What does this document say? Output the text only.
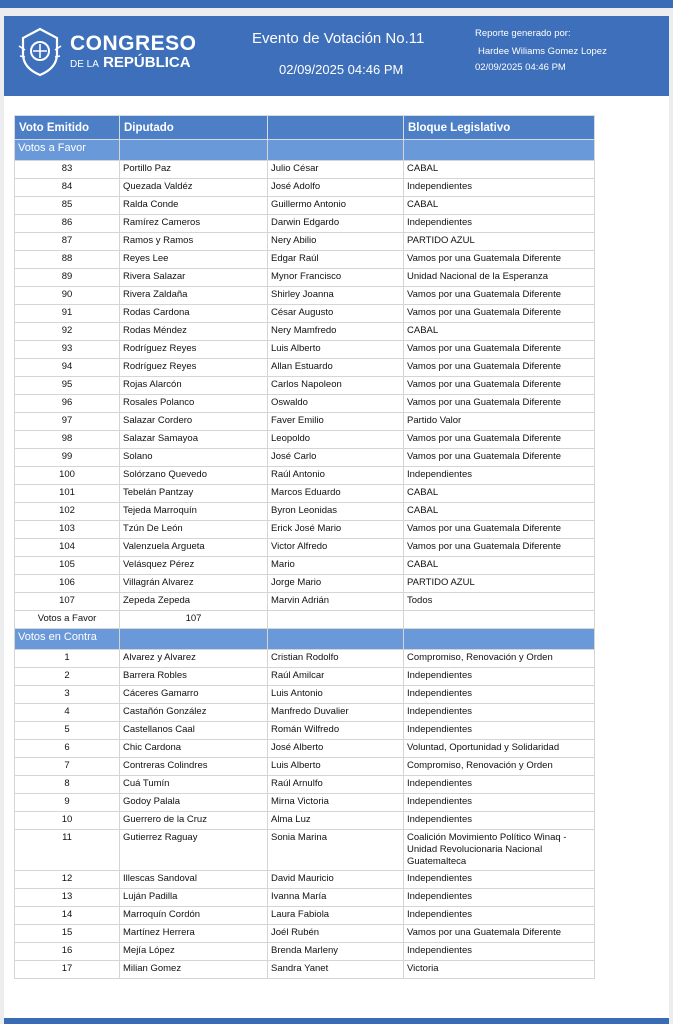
CONGRESO
DE LA REPÚBLICA
Evento de Votación No.11
02/09/2025 04:46 PM
Reporte generado por:
Hardee Wiliams Gomez Lopez
02/09/2025 04:46 PM
Voto Emitido	Diputado		Bloque Legislativo
Votos a Favor			
83	Portillo Paz	Julio César	CABAL
84	Quezada Valdéz	José Adolfo	Independientes
85	Ralda Conde	Guillermo Antonio	CABAL
86	Ramírez Cameros	Darwin Edgardo	Independientes
87	Ramos y Ramos	Nery Abilio	PARTIDO AZUL
88	Reyes Lee	Edgar Raúl	Vamos por una Guatemala Diferente
89	Rivera Salazar	Mynor Francisco	Unidad Nacional de la Esperanza
90	Rivera Zaldaña	Shirley Joanna	Vamos por una Guatemala Diferente
91	Rodas Cardona	César Augusto	Vamos por una Guatemala Diferente
92	Rodas Méndez	Nery Mamfredo	CABAL
93	Rodríguez Reyes	Luis Alberto	Vamos por una Guatemala Diferente
94	Rodríguez Reyes	Allan Estuardo	Vamos por una Guatemala Diferente
95	Rojas Alarcón	Carlos Napoleon	Vamos por una Guatemala Diferente
96	Rosales Polanco	Oswaldo	Vamos por una Guatemala Diferente
97	Salazar Cordero	Faver Emilio	Partido Valor
98	Salazar Samayoa	Leopoldo	Vamos por una Guatemala Diferente
99	Solano	José Carlo	Vamos por una Guatemala Diferente
100	Solórzano Quevedo	Raúl Antonio	Independientes
101	Tebelán Pantzay	Marcos Eduardo	CABAL
102	Tejeda Marroquín	Byron Leonidas	CABAL
103	Tzún De León	Erick José Mario	Vamos por una Guatemala Diferente
104	Valenzuela Argueta	Victor Alfredo	Vamos por una Guatemala Diferente
105	Velásquez Pérez	Mario	CABAL
106	Villagrán Alvarez	Jorge Mario	PARTIDO AZUL
107	Zepeda Zepeda	Marvin Adrián	Todos
Votos a Favor	107		
Votos en Contra			
1	Alvarez y Alvarez	Cristian Rodolfo	Compromiso, Renovación y Orden
2	Barrera Robles	Raúl Amilcar	Independientes
3	Cáceres Gamarro	Luis Antonio	Independientes
4	Castañón González	Manfredo Duvalier	Independientes
5	Castellanos Caal	Román Wilfredo	Independientes
6	Chic Cardona	José Alberto	Voluntad, Oportunidad y Solidaridad
7	Contreras Colindres	Luis Alberto	Compromiso, Renovación y Orden
8	Cuá Tumín	Raúl Arnulfo	Independientes
9	Godoy Palala	Mirna Victoria	Independientes
10	Guerrero de la Cruz	Alma Luz	Independientes
11	Gutierrez Raguay	Sonia Marina	Coalición Movimiento Político Winaq - Unidad Revolucionaria Nacional Guatemalteca
12	Illescas Sandoval	David Mauricio	Independientes
13	Luján Padilla	Ivanna María	Independientes
14	Marroquín Cordón	Laura Fabiola	Independientes
15	Martínez Herrera	Joél Rubén	Vamos por una Guatemala Diferente
16	Mejía López	Brenda Marleny	Independientes
17	Milian Gomez	Sandra Yanet	Victoria
